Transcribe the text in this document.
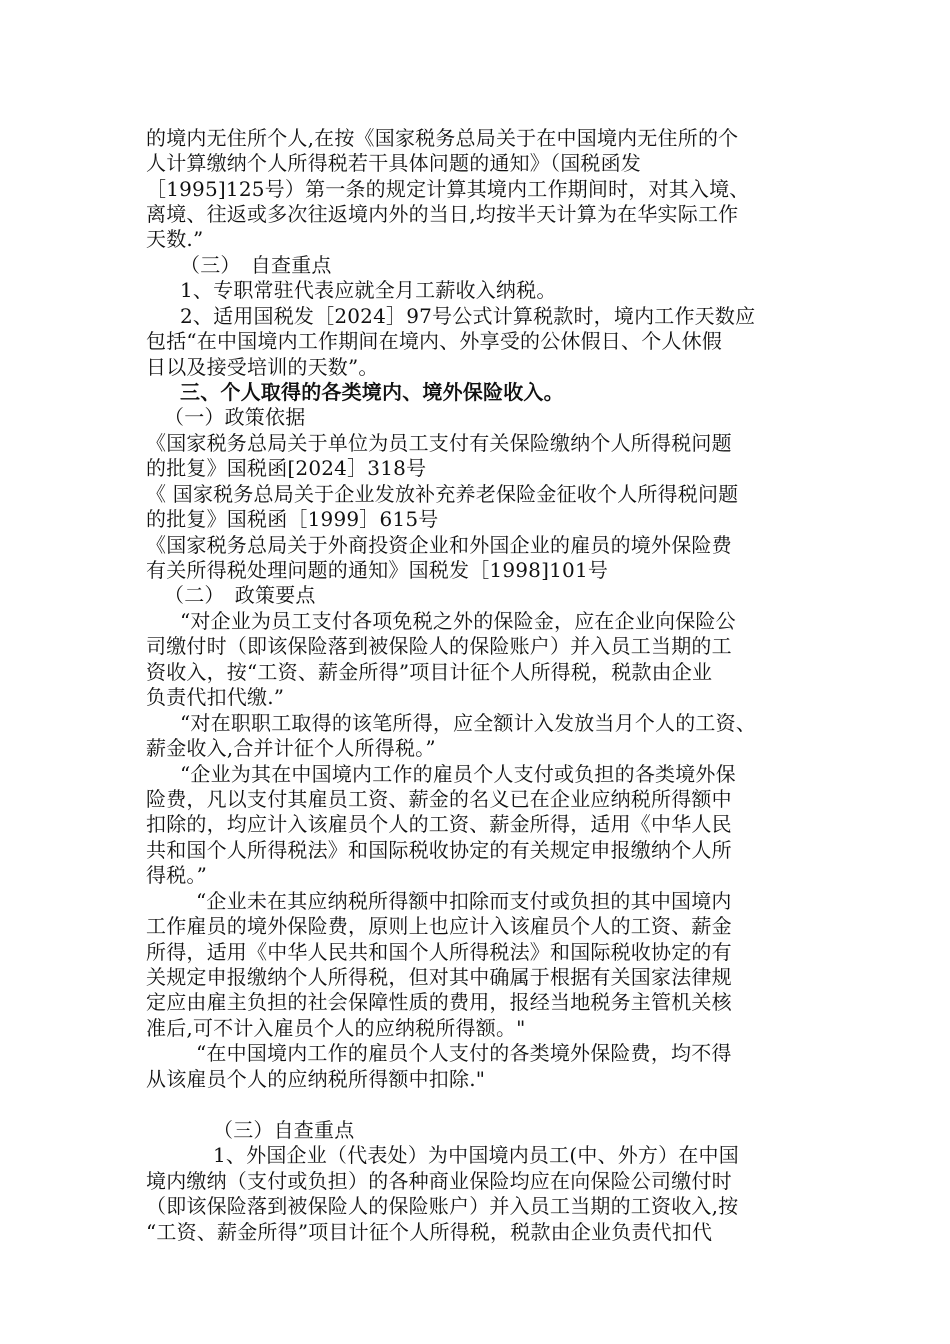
的境内无住所个人,在按《国家税务总局关于在中国境内无住所的个
人计算缴纳个人所得税若干具体问题的通知》（国税函发
［1995]125号）第一条的规定计算其境内工作期间时，对其入境、
离境、往返或多次往返境内外的当日,均按半天计算为在华实际工作
天数.”
（三）　自查重点
1、专职常驻代表应就全月工薪收入纳税。
2、适用国税发［2024］97号公式计算税款时，境内工作天数应
包括“在中国境内工作期间在境内、外享受的公休假日、个人休假
日以及接受培训的天数”。
三、个人取得的各类境内、境外保险收入。
（一）政策依据
《国家税务总局关于单位为员工支付有关保险缴纳个人所得税问题
的批复》国税函[2024］318号
《 国家税务总局关于企业发放补充养老保险金征收个人所得税问题
的批复》国税函［1999］615号
《国家税务总局关于外商投资企业和外国企业的雇员的境外保险费
有关所得税处理问题的通知》国税发［1998]101号
（二）　政策要点
“对企业为员工支付各项免税之外的保险金，应在企业向保险公
司缴付时（即该保险落到被保险人的保险账户）并入员工当期的工
资收入，按“工资、薪金所得”项目计征个人所得税，税款由企业
负责代扣代缴.”
“对在职职工取得的该笔所得，应全额计入发放当月个人的工资、
薪金收入,合并计征个人所得税。”
“企业为其在中国境内工作的雇员个人支付或负担的各类境外保
险费，凡以支付其雇员工资、薪金的名义已在企业应纳税所得额中
扣除的，均应计入该雇员个人的工资、薪金所得，适用《中华人民
共和国个人所得税法》和国际税收协定的有关规定申报缴纳个人所
得税。”
“企业未在其应纳税所得额中扣除而支付或负担的其中国境内
工作雇员的境外保险费，原则上也应计入该雇员个人的工资、薪金
所得，适用《中华人民共和国个人所得税法》和国际税收协定的有
关规定申报缴纳个人所得税，但对其中确属于根据有关国家法律规
定应由雇主负担的社会保障性质的费用，报经当地税务主管机关核
准后,可不计入雇员个人的应纳税所得额。"
“在中国境内工作的雇员个人支付的各类境外保险费，均不得
从该雇员个人的应纳税所得额中扣除."
（三）自查重点
1、外国企业（代表处）为中国境内员工(中、外方）在中国
境内缴纳（支付或负担）的各种商业保险均应在向保险公司缴付时
（即该保险落到被保险人的保险账户）并入员工当期的工资收入,按
“工资、薪金所得”项目计征个人所得税，税款由企业负责代扣代
